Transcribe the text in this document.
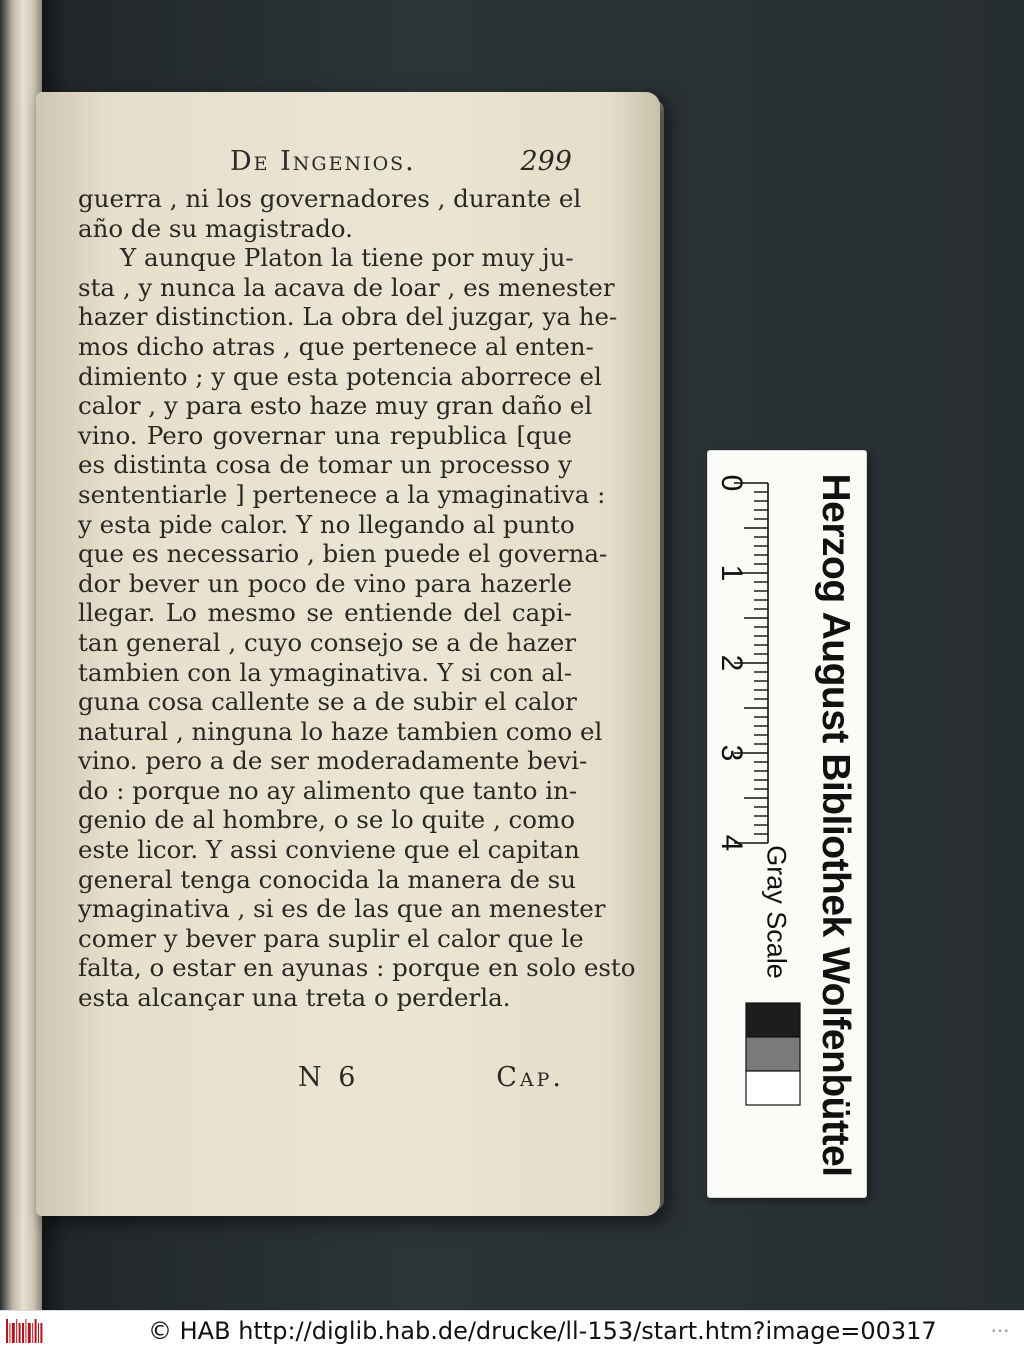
De Ingenios.	299
guerra , ni los governadores , durante el
año de su magistrado.
Y aunque Platon la tiene por muy ju-
sta , y nunca la acava de loar , es menester
hazer distinction. La obra del juzgar, ya he-
mos dicho atras , que pertenece al enten-
dimiento ; y que esta potencia aborrece el
calor , y para esto haze muy gran daño el
vino. Pero governar una republica [que
es distinta cosa de tomar un processo y
sententiarle ] pertenece a la ymaginativa :
y esta pide calor. Y no llegando al punto
que es necessario , bien puede el governa-
dor bever un poco de vino para hazerle
llegar. Lo mesmo se entiende del capi-
tan general , cuyo consejo se a de hazer
tambien con la ymaginativa. Y si con al-
guna cosa callente se a de subir el calor
natural , ninguna lo haze tambien como el
vino. pero a de ser moderadamente bevi-
do : porque no ay alimento que tanto in-
genio de al hombre, o se lo quite , como
este licor. Y assi conviene que el capitan
general tenga conocida la manera de su
ymaginativa , si es de las que an menester
comer y bever para suplir el calor que le
falta, o estar en ayunas : porque en solo esto
esta alcançar una treta o perderla.
N 6	Cap.
0
1
2
3
4
Gray Scale Herzog August Bibliothek Wolfenbüttel
© HAB http://diglib.hab.de/drucke/ll-153/start.htm?image=00317	•••
